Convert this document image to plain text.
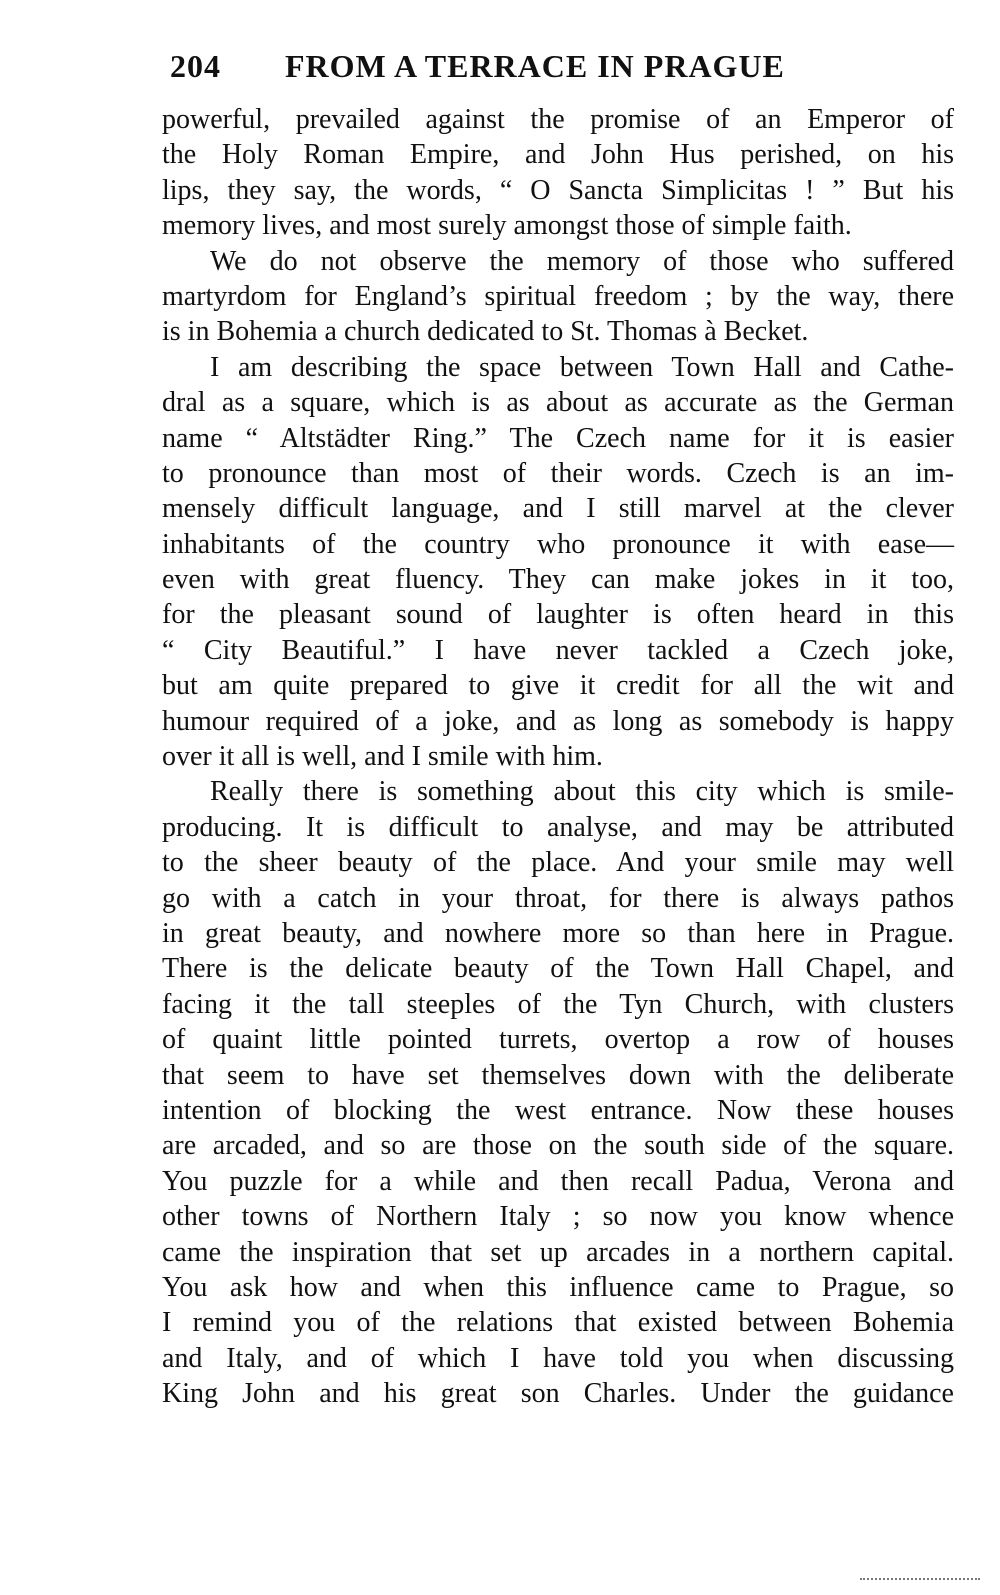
204 FROM A TERRACE IN PRAGUE
powerful, prevailed against the promise of an Emperor of
the Holy Roman Empire, and John Hus perished, on his
lips, they say, the words, “ O Sancta Simplicitas ! ” But his
memory lives, and most surely amongst those of simple faith.
We do not observe the memory of those who suffered
martyrdom for England’s spiritual freedom ; by the way, there
is in Bohemia a church dedicated to St. Thomas à Becket.
I am describing the space between Town Hall and Cathe-
dral as a square, which is as about as accurate as the German
name “ Altstädter Ring.” The Czech name for it is easier
to pronounce than most of their words. Czech is an im-
mensely difficult language, and I still marvel at the clever
inhabitants of the country who pronounce it with ease—
even with great fluency. They can make jokes in it too,
for the pleasant sound of laughter is often heard in this
“ City Beautiful.” I have never tackled a Czech joke,
but am quite prepared to give it credit for all the wit and
humour required of a joke, and as long as somebody is happy
over it all is well, and I smile with him.
Really there is something about this city which is smile-
producing. It is difficult to analyse, and may be attributed
to the sheer beauty of the place. And your smile may well
go with a catch in your throat, for there is always pathos
in great beauty, and nowhere more so than here in Prague.
There is the delicate beauty of the Town Hall Chapel, and
facing it the tall steeples of the Tyn Church, with clusters
of quaint little pointed turrets, overtop a row of houses
that seem to have set themselves down with the deliberate
intention of blocking the west entrance. Now these houses
are arcaded, and so are those on the south side of the square.
You puzzle for a while and then recall Padua, Verona and
other towns of Northern Italy ; so now you know whence
came the inspiration that set up arcades in a northern capital.
You ask how and when this influence came to Prague, so
I remind you of the relations that existed between Bohemia
and Italy, and of which I have told you when discussing
King John and his great son Charles. Under the guidance
